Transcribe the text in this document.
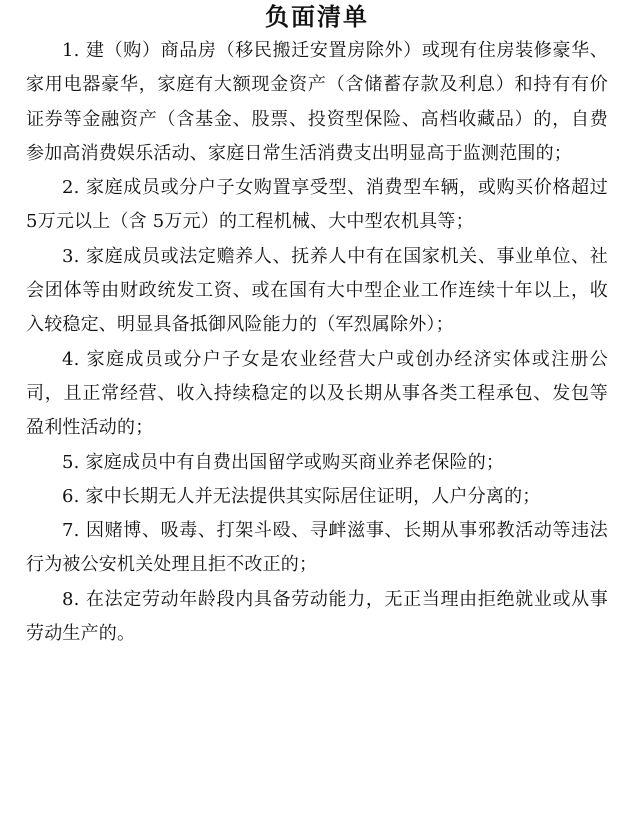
负面清单

1. 建（购）商品房（移民搬迁安置房除外）或现有住房装修豪华、家用电器豪华，家庭有大额现金资产（含储蓄存款及利息）和持有有价证券等金融资产（含基金、股票、投资型保险、高档收藏品）的，自费参加高消费娱乐活动、家庭日常生活消费支出明显高于监测范围的；

2. 家庭成员或分户子女购置享受型、消费型车辆，或购买价格超过 5万元以上（含 5万元）的工程机械、大中型农机具等；

3. 家庭成员或法定赡养人、抚养人中有在国家机关、事业单位、社会团体等由财政统发工资、或在国有大中型企业工作连续十年以上，收入较稳定、明显具备抵御风险能力的（军烈属除外）；

4. 家庭成员或分户子女是农业经营大户或创办经济实体或注册公司，且正常经营、收入持续稳定的以及长期从事各类工程承包、发包等盈利性活动的；

5. 家庭成员中有自费出国留学或购买商业养老保险的；

6. 家中长期无人并无法提供其实际居住证明，人户分离的；

7. 因赌博、吸毒、打架斗殴、寻衅滋事、长期从事邪教活动等违法行为被公安机关处理且拒不改正的；

8. 在法定劳动年龄段内具备劳动能力，无正当理由拒绝就业或从事劳动生产的。
